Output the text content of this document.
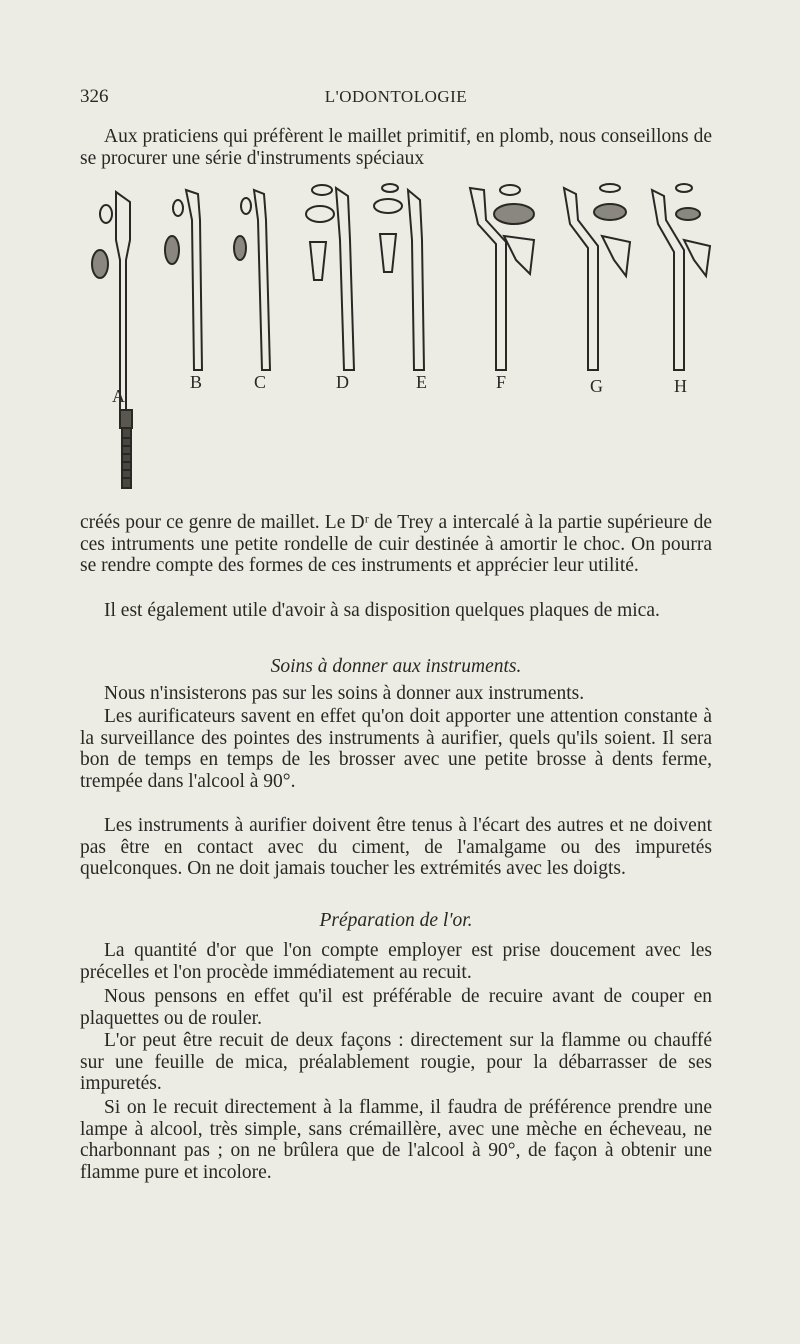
326	L'ODONTOLOGIE

Aux praticiens qui préfèrent le maillet primitif, en plomb, nous conseillons de se procurer une série d'instruments spéciaux

A
B	C	D	E	F	G	H

créés pour ce genre de maillet. Le Dʳ de Trey a intercalé à la partie supérieure de ces intruments une petite rondelle de cuir destinée à amortir le choc. On pourra se rendre compte des formes de ces instruments et apprécier leur utilité.

Il est également utile d'avoir à sa disposition quelques plaques de mica.

Soins à donner aux instruments.

Nous n'insisterons pas sur les soins à donner aux instruments.

Les aurificateurs savent en effet qu'on doit apporter une attention constante à la surveillance des pointes des instruments à aurifier, quels qu'ils soient. Il sera bon de temps en temps de les brosser avec une petite brosse à dents ferme, trempée dans l'alcool à 90°.

Les instruments à aurifier doivent être tenus à l'écart des autres et ne doivent pas être en contact avec du ciment, de l'amalgame ou des impuretés quelconques. On ne doit jamais toucher les extrémités avec les doigts.

Préparation de l'or.

La quantité d'or que l'on compte employer est prise doucement avec les précelles et l'on procède immédiatement au recuit.

Nous pensons en effet qu'il est préférable de recuire avant de couper en plaquettes ou de rouler.

L'or peut être recuit de deux façons : directement sur la flamme ou chauffé sur une feuille de mica, préalablement rougie, pour la débarrasser de ses impuretés.

Si on le recuit directement à la flamme, il faudra de préférence prendre une lampe à alcool, très simple, sans crémaillère, avec une mèche en écheveau, ne charbonnant pas ; on ne brûlera que de l'alcool à 90°, de façon à obtenir une flamme pure et incolore.
